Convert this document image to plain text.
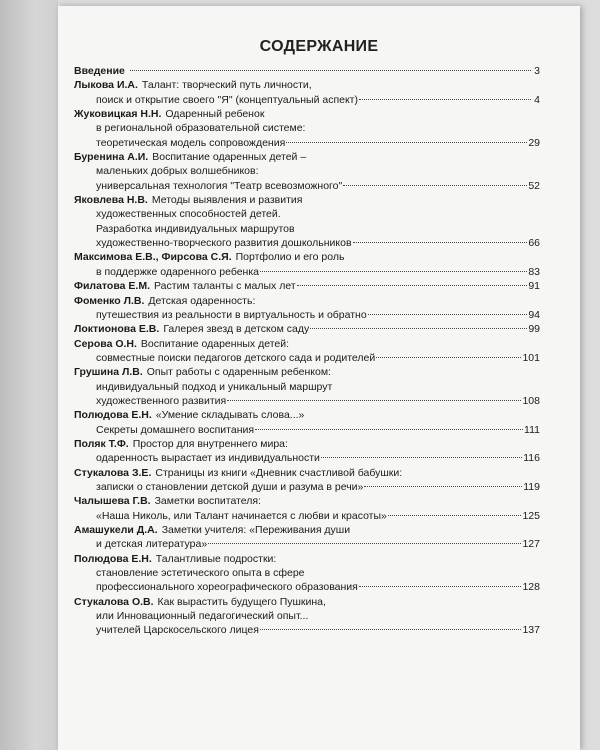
СОДЕРЖАНИЕ
Введение	3
Лыкова И.А. Талант: творческий путь личности,
поиск и открытие своего "Я" (концептуальный аспект)	4
Жуковицкая Н.Н. Одаренный ребенок
в региональной образовательной системе:
теоретическая модель сопровождения	29
Буренина А.И. Воспитание одаренных детей –
маленьких добрых волшебников:
универсальная технология "Театр всевозможного"	52
Яковлева Н.В. Методы выявления и развития
художественных способностей детей.
Разработка индивидуальных маршрутов
художественно-творческого развития дошкольников	66
Максимова Е.В., Фирсова С.Я. Портфолио и его роль
в поддержке одаренного ребенка	83
Филатова Е.М. Растим таланты с малых лет	91
Фоменко Л.В. Детская одаренность:
путешествия из реальности в виртуальность и обратно	94
Локтионова Е.В. Галерея звезд в детском саду	99
Серова О.Н. Воспитание одаренных детей:
совместные поиски педагогов детского сада и родителей	101
Грушина Л.В. Опыт работы с одаренным ребенком:
индивидуальный подход и уникальный маршрут
художественного развития	108
Полюдова Е.Н. «Умение складывать слова...»
Секреты домашнего воспитания	111
Поляк Т.Ф. Простор для внутреннего мира:
одаренность вырастает из индивидуальности	116
Стукалова З.Е. Страницы из книги «Дневник счастливой бабушки:
записки о становлении детской души и разума в речи»	119
Чалышева Г.В. Заметки воспитателя:
«Наша Николь, или Талант начинается с любви и красоты»	125
Амашукели Д.А. Заметки учителя: «Переживания души
и детская литература»	127
Полюдова Е.Н. Талантливые подростки:
становление эстетического опыта в сфере
профессионального хореографического образования	128
Стукалова О.В. Как вырастить будущего Пушкина,
или Инновационный педагогический опыт...
учителей Царскосельского лицея	137
